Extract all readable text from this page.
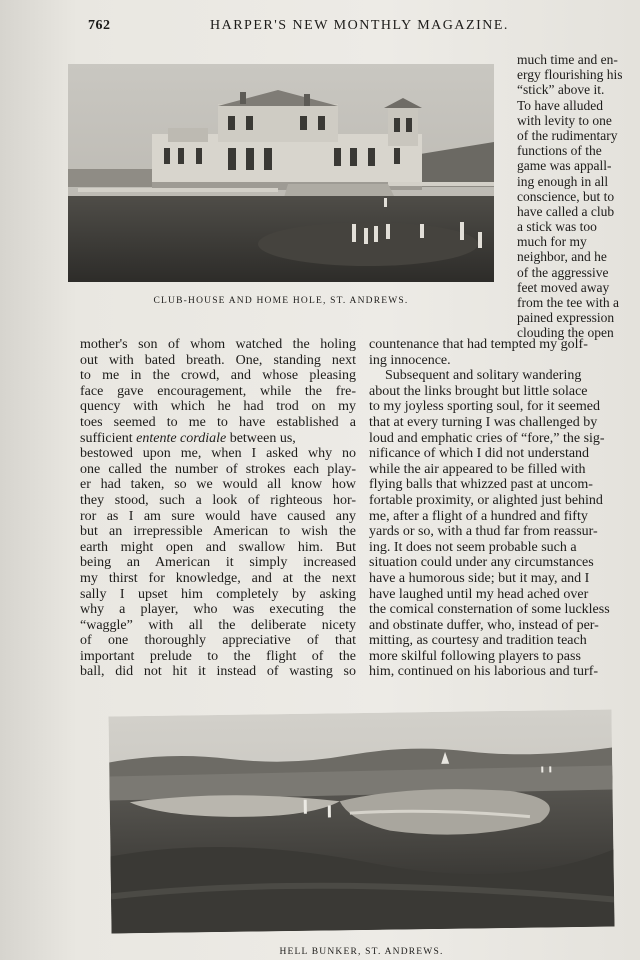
762	HARPER'S NEW MONTHLY MAGAZINE.
CLUB-HOUSE AND HOME HOLE, ST. ANDREWS.
much time and en-
ergy flourishing his
“stick” above it.
To have alluded
with levity to one
of the rudimentary
functions of the
game was appall-
ing enough in all
conscience, but to
have called a club
a stick was too
much for my
neighbor, and he
of the aggressive
feet moved away
from the tee with a
pained expression
clouding the open
mother's son of whom watched the holing
out with bated breath. One, standing next
to me in the crowd, and whose pleasing
face gave encouragement, while the fre-
quency with which he had trod on my
toes seemed to me to have established a
sufficient entente cordiale between us,
bestowed upon me, when I asked why no
one called the number of strokes each play-
er had taken, so we would all know how
they stood, such a look of righteous hor-
ror as I am sure would have caused any
but an irrepressible American to wish the
earth might open and swallow him. But
being an American it simply increased
my thirst for knowledge, and at the next
sally I upset him completely by asking
why a player, who was executing the
“waggle” with all the deliberate nicety
of one thoroughly appreciative of that
important prelude to the flight of the
ball, did not hit it instead of wasting so
countenance that had tempted my golf-
ing innocence.
Subsequent and solitary wandering
about the links brought but little solace
to my joyless sporting soul, for it seemed
that at every turning I was challenged by
loud and emphatic cries of “fore,” the sig-
nificance of which I did not understand
while the air appeared to be filled with
flying balls that whizzed past at uncom-
fortable proximity, or alighted just behind
me, after a flight of a hundred and fifty
yards or so, with a thud far from reassur-
ing. It does not seem probable such a
situation could under any circumstances
have a humorous side; but it may, and I
have laughed until my head ached over
the comical consternation of some luckless
and obstinate duffer, who, instead of per-
mitting, as courtesy and tradition teach
more skilful following players to pass
him, continued on his laborious and turf-
HELL BUNKER, ST. ANDREWS.
